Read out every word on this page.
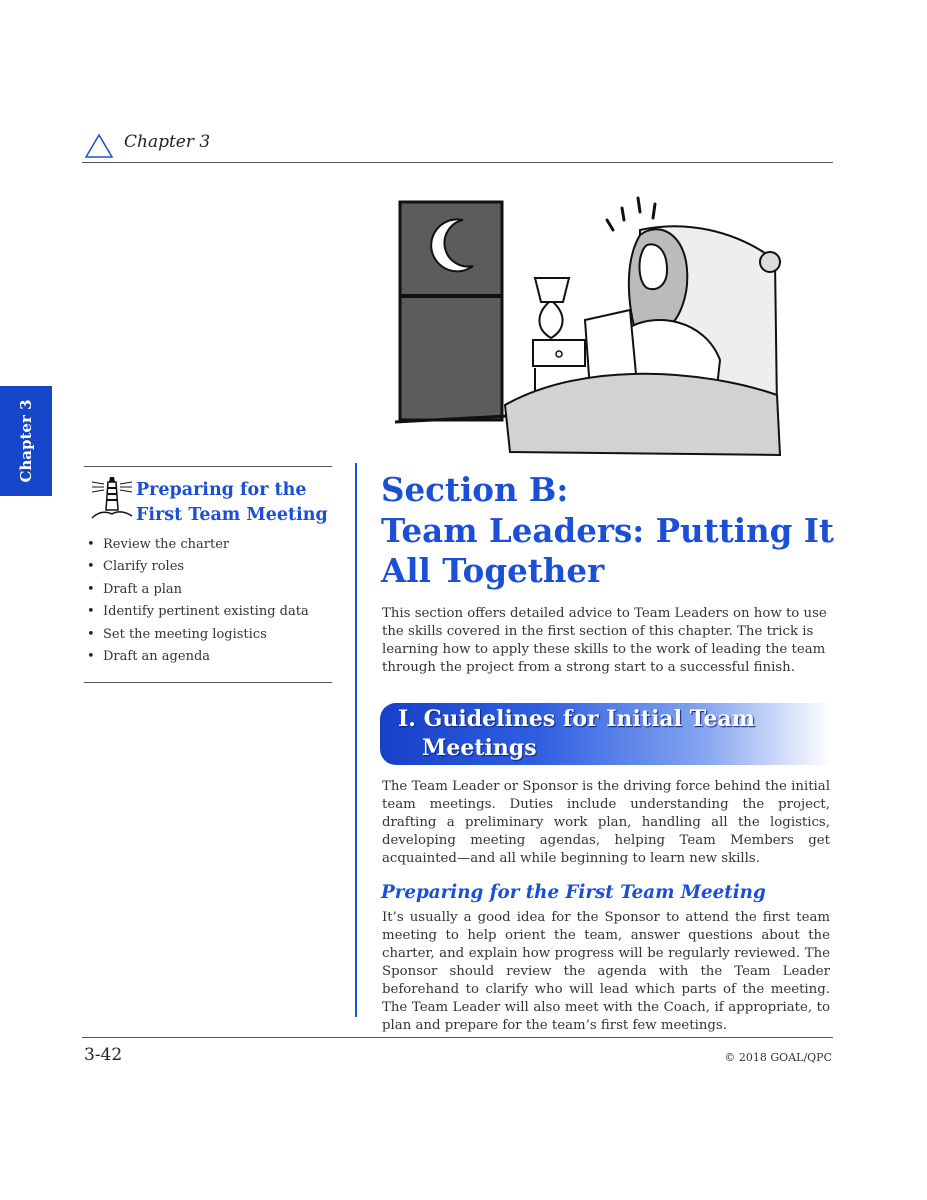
Chapter 3
Chapter 3
Preparing for the
First Team Meeting
• Review the charter
• Clarify roles
• Draft a plan
• Identify pertinent existing data
• Set the meeting logistics
• Draft an agenda
Section B:
Team Leaders: Putting It
All Together
This section offers detailed advice to Team Leaders on how to use the skills covered in the first section of this chapter. The trick is learning how to apply these skills to the work of leading the team through the project from a strong start to a successful finish.
I. Guidelines for Initial Team
Meetings
The Team Leader or Sponsor is the driving force behind the initial team meetings. Duties include understanding the project, drafting a preliminary work plan, handling all the logistics, developing meeting agendas, helping Team Members get acquainted—and all while beginning to learn new skills.
Preparing for the First Team Meeting
It’s usually a good idea for the Sponsor to attend the first team meeting to help orient the team, answer questions about the charter, and explain how progress will be regularly reviewed. The Sponsor should review the agenda with the Team Leader beforehand to clarify who will lead which parts of the meeting. The Team Leader will also meet with the Coach, if appropriate, to plan and prepare for the team’s first few meetings.
3-42	© 2018 GOAL/QPC
